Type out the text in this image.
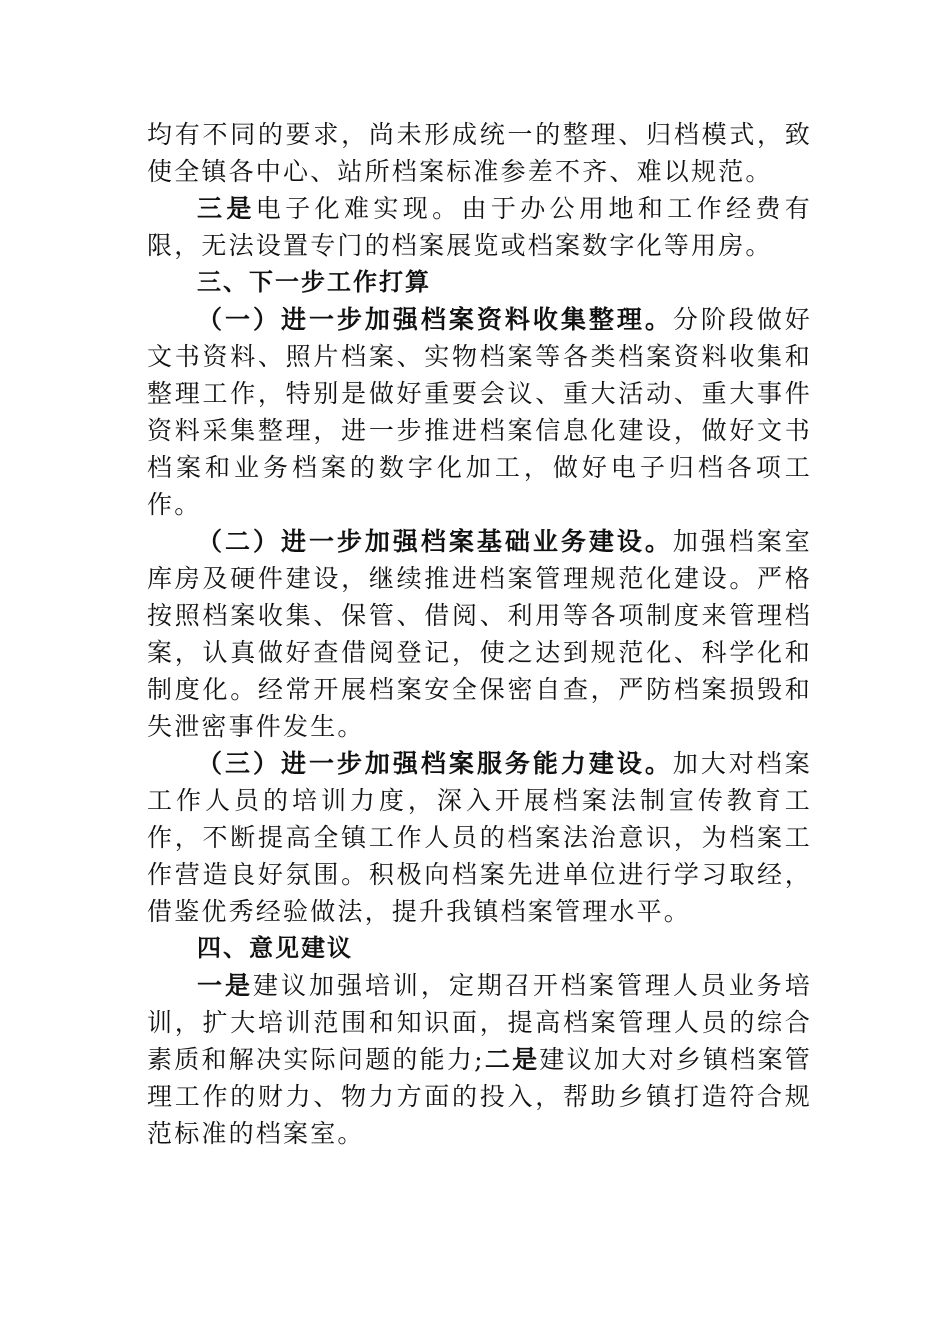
均有不同的要求，尚未形成统一的整理、归档模式，致使全镇各中心、站所档案标准参差不齐、难以规范。

三是电子化难实现。由于办公用地和工作经费有限，无法设置专门的档案展览或档案数字化等用房。

三、下一步工作打算

（一）进一步加强档案资料收集整理。分阶段做好文书资料、照片档案、实物档案等各类档案资料收集和整理工作，特别是做好重要会议、重大活动、重大事件资料采集整理，进一步推进档案信息化建设，做好文书档案和业务档案的数字化加工，做好电子归档各项工作。

（二）进一步加强档案基础业务建设。加强档案室库房及硬件建设，继续推进档案管理规范化建设。严格按照档案收集、保管、借阅、利用等各项制度来管理档案，认真做好查借阅登记，使之达到规范化、科学化和制度化。经常开展档案安全保密自查，严防档案损毁和失泄密事件发生。

（三）进一步加强档案服务能力建设。加大对档案工作人员的培训力度，深入开展档案法制宣传教育工作，不断提高全镇工作人员的档案法治意识，为档案工作营造良好氛围。积极向档案先进单位进行学习取经，借鉴优秀经验做法，提升我镇档案管理水平。

四、意见建议

一是建议加强培训，定期召开档案管理人员业务培训，扩大培训范围和知识面，提高档案管理人员的综合素质和解决实际问题的能力;二是建议加大对乡镇档案管理工作的财力、物力方面的投入，帮助乡镇打造符合规范标准的档案室。
